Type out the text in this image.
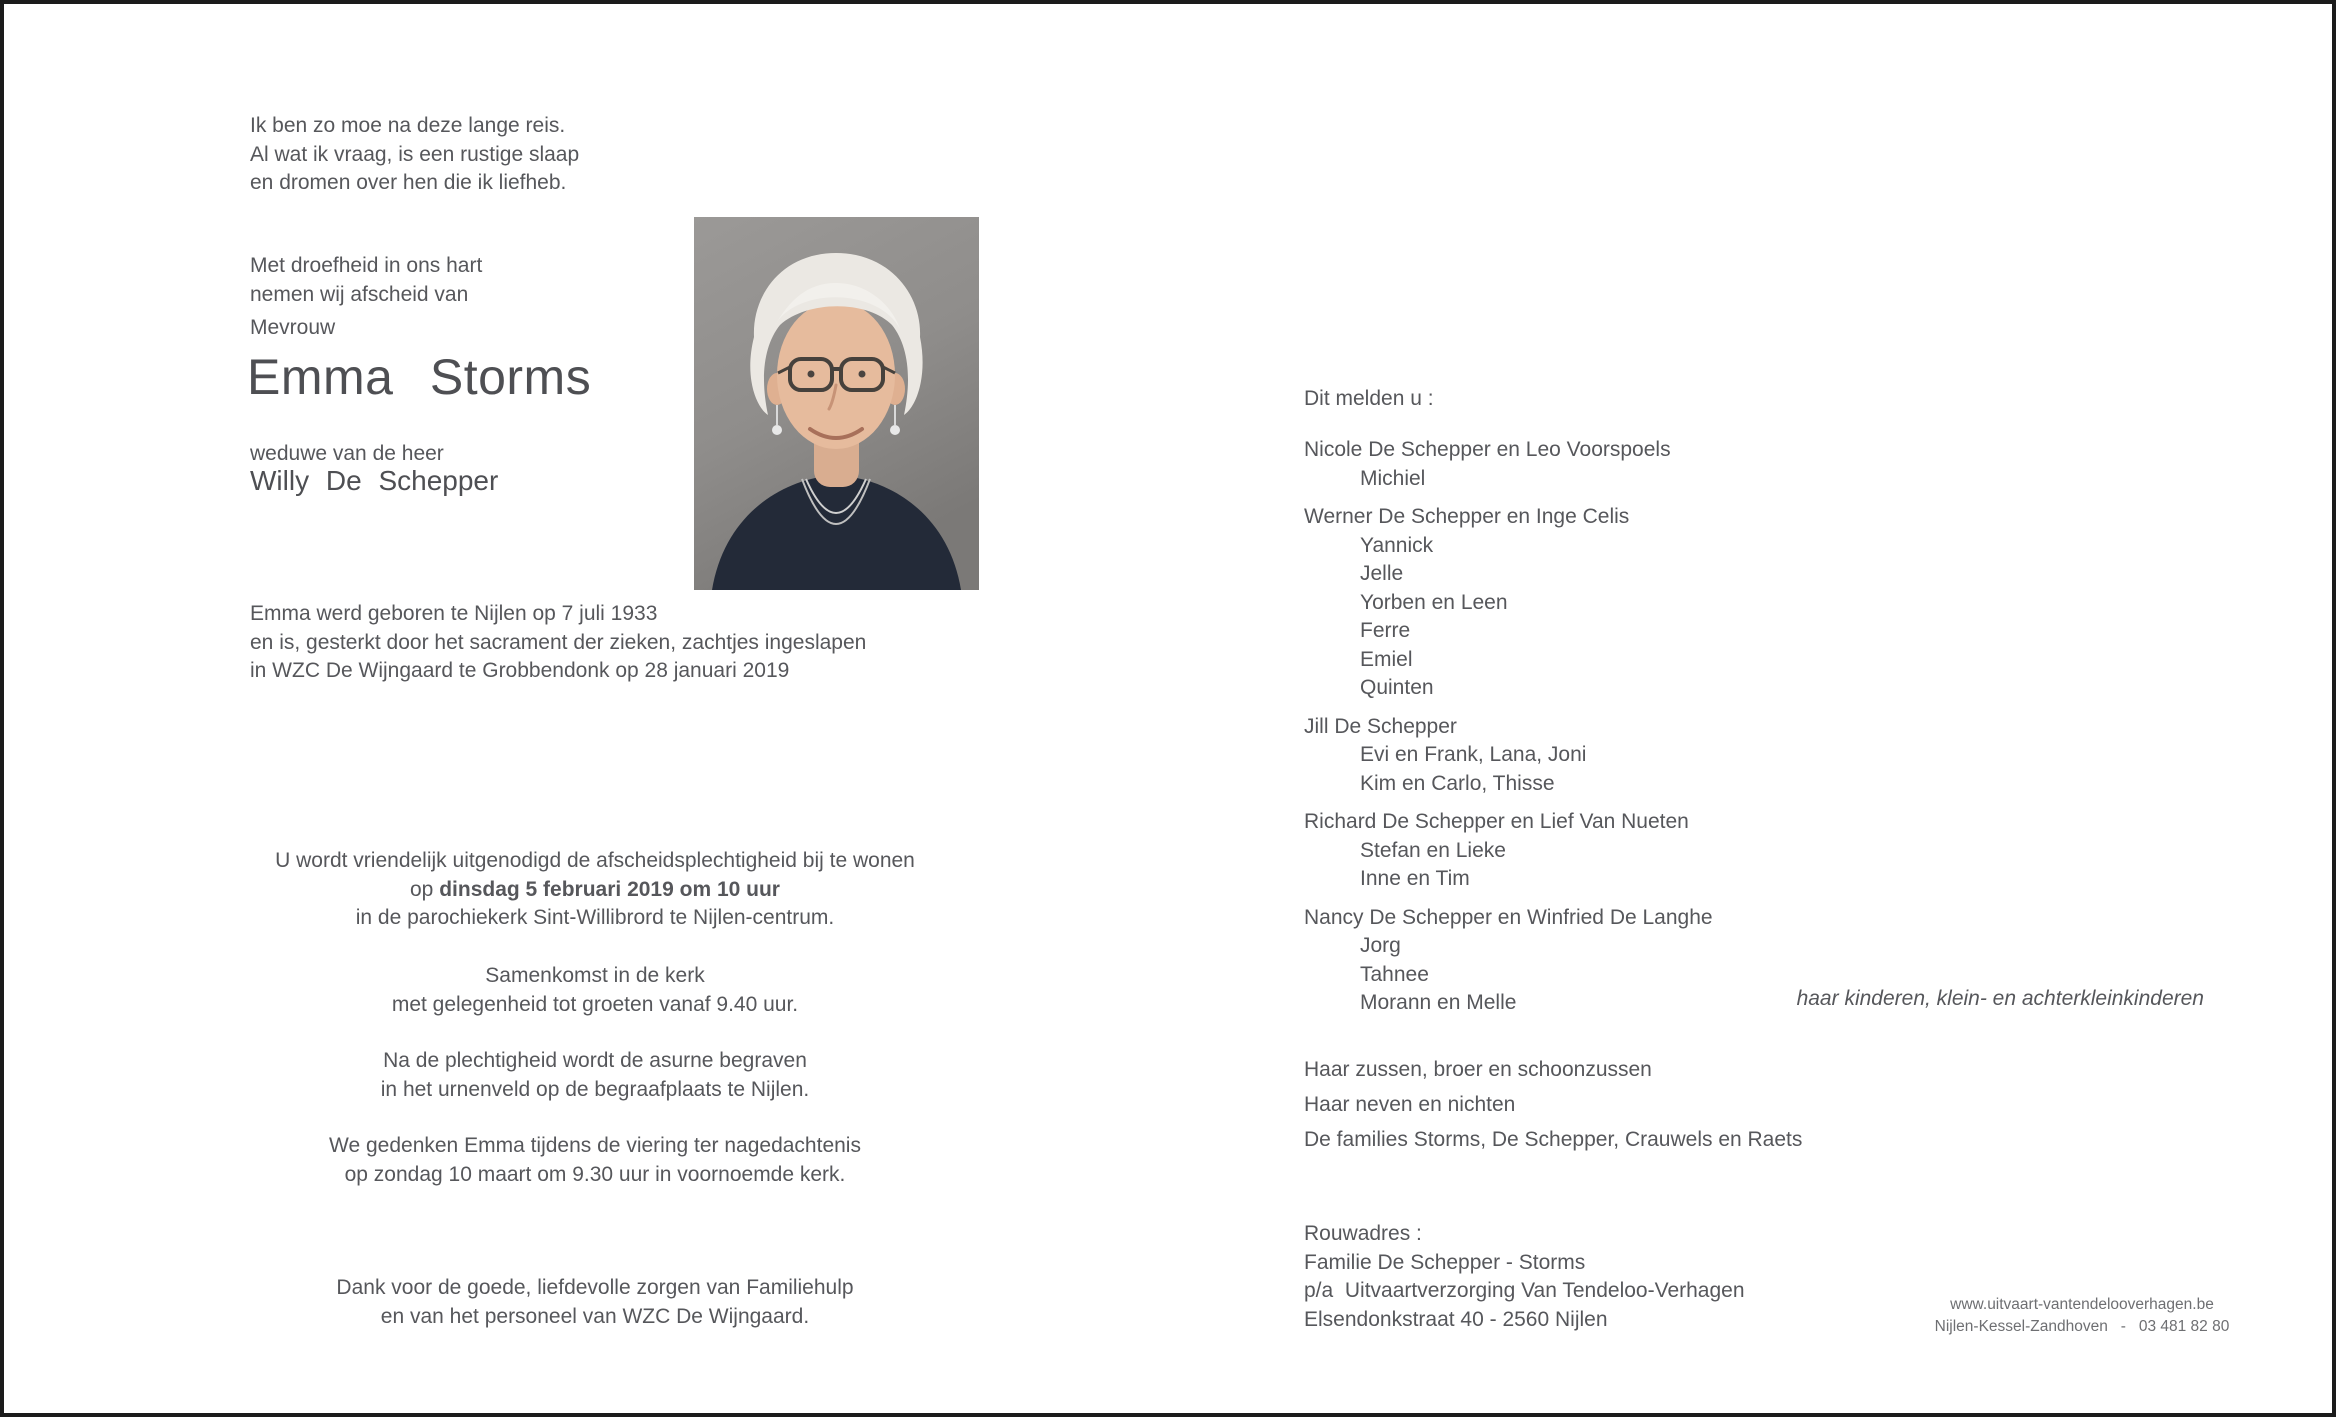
Ik ben zo moe na deze lange reis.
Al wat ik vraag, is een rustige slaap
en dromen over hen die ik liefheb.
Met droefheid in ons hart
nemen wij afscheid van
Mevrouw
Emma Storms
weduwe van de heer
Willy De Schepper
Emma werd geboren te Nijlen op 7 juli 1933
en is, gesterkt door het sacrament der zieken, zachtjes ingeslapen
in WZC De Wijngaard te Grobbendonk op 28 januari 2019
U wordt vriendelijk uitgenodigd de afscheidsplechtigheid bij te wonen
op dinsdag 5 februari 2019 om 10 uur
in de parochiekerk Sint-Willibrord te Nijlen-centrum.
Samenkomst in de kerk
met gelegenheid tot groeten vanaf 9.40 uur.
Na de plechtigheid wordt de asurne begraven
in het urnenveld op de begraafplaats te Nijlen.
We gedenken Emma tijdens de viering ter nagedachtenis
op zondag 10 maart om 9.30 uur in voornoemde kerk.
Dank voor de goede, liefdevolle zorgen van Familiehulp
en van het personeel van WZC De Wijngaard.
Dit melden u :
Nicole De Schepper en Leo Voorspoels
Michiel
Werner De Schepper en Inge Celis
Yannick
Jelle
Yorben en Leen
Ferre
Emiel
Quinten
Jill De Schepper
Evi en Frank, Lana, Joni
Kim en Carlo, Thisse
Richard De Schepper en Lief Van Nueten
Stefan en Lieke
Inne en Tim
Nancy De Schepper en Winfried De Langhe
Jorg
Tahnee
Morann en Melle	haar kinderen, klein- en achterkleinkinderen
Haar zussen, broer en schoonzussen
Haar neven en nichten
De families Storms, De Schepper, Crauwels en Raets
Rouwadres :
Familie De Schepper - Storms
p/a  Uitvaartverzorging Van Tendeloo-Verhagen
Elsendonkstraat 40 - 2560 Nijlen
www.uitvaart-vantendelooverhagen.be
Nijlen-Kessel-Zandhoven   -   03 481 82 80
